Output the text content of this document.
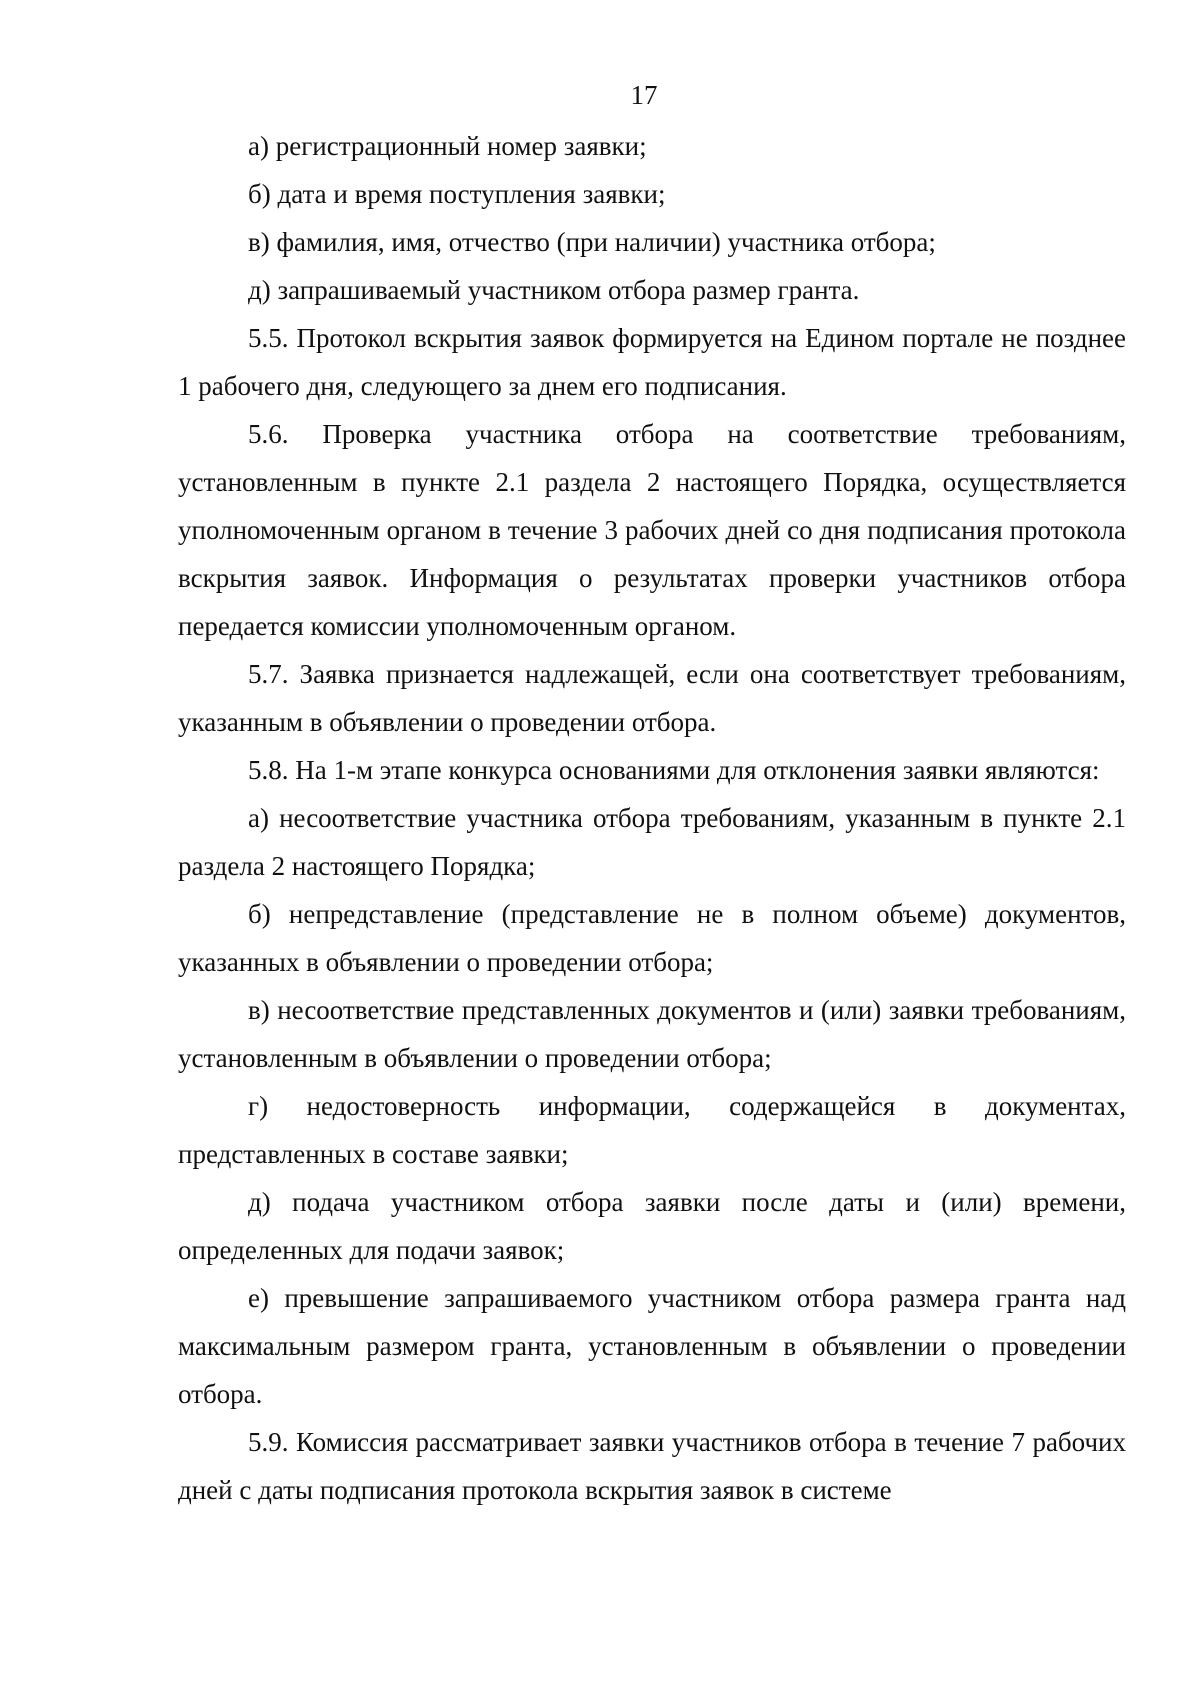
17

а) регистрационный номер заявки;

б) дата и время поступления заявки;

в) фамилия, имя, отчество (при наличии) участника отбора;

д) запрашиваемый участником отбора размер гранта.

5.5. Протокол вскрытия заявок формируется на Едином портале не позднее 1 рабочего дня, следующего за днем его подписания.

5.6. Проверка участника отбора на соответствие требованиям, установленным в пункте 2.1 раздела 2 настоящего Порядка, осуществляется уполномоченным органом в течение 3 рабочих дней со дня подписания протокола вскрытия заявок. Информация о результатах проверки участников отбора передается комиссии уполномоченным органом.

5.7. Заявка признается надлежащей, если она соответствует требованиям, указанным в объявлении о проведении отбора.

5.8. На 1-м этапе конкурса основаниями для отклонения заявки являются:

а) несоответствие участника отбора требованиям, указанным в пункте 2.1 раздела 2 настоящего Порядка;

б) непредставление (представление не в полном объеме) документов, указанных в объявлении о проведении отбора;

в) несоответствие представленных документов и (или) заявки требованиям, установленным в объявлении о проведении отбора;

г) недостоверность информации, содержащейся в документах, представленных в составе заявки;

д) подача участником отбора заявки после даты и (или) времени, определенных для подачи заявок;

е) превышение запрашиваемого участником отбора размера гранта над максимальным размером гранта, установленным в объявлении о проведении отбора.

5.9. Комиссия рассматривает заявки участников отбора в течение 7 рабочих дней с даты подписания протокола вскрытия заявок в системе
